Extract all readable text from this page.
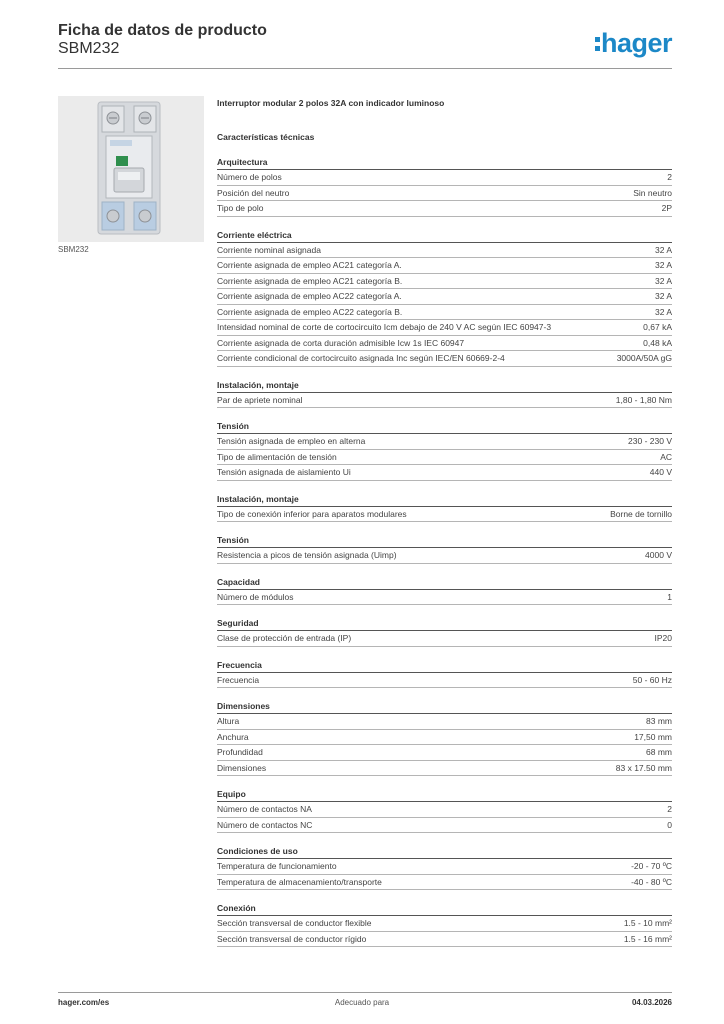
Ficha de datos de producto
SBM232	hager
SBM232
Interruptor modular 2 polos 32A con indicador luminoso
Características técnicas
Arquitectura
Número de polos	2
Posición del neutro	Sin neutro
Tipo de polo	2P
Corriente eléctrica
Corriente nominal asignada	32 A
Corriente asignada de empleo AC21 categoría A.	32 A
Corriente asignada de empleo AC21 categoría B.	32 A
Corriente asignada de empleo AC22 categoría A.	32 A
Corriente asignada de empleo AC22 categoría B.	32 A
Intensidad nominal de corte de cortocircuito Icm debajo de 240 V AC según IEC 60947-3	0,67 kA
Corriente asignada de corta duración admisible Icw 1s IEC 60947	0,48 kA
Corriente condicional de cortocircuito asignada Inc según IEC/EN 60669-2-4	3000A/50A gG
Instalación, montaje
Par de apriete nominal	1,80 - 1,80 Nm
Tensión
Tensión asignada de empleo en alterna	230 - 230 V
Tipo de alimentación de tensión	AC
Tensión asignada de aislamiento Ui	440 V
Instalación, montaje
Tipo de conexión inferior para aparatos modulares	Borne de tornillo
Tensión
Resistencia a picos de tensión asignada (Uimp)	4000 V
Capacidad
Número de módulos	1
Seguridad
Clase de protección de entrada (IP)	IP20
Frecuencia
Frecuencia	50 - 60 Hz
Dimensiones
Altura	83 mm
Anchura	17,50 mm
Profundidad	68 mm
Dimensiones	83 x 17.50 mm
Equipo
Número de contactos NA	2
Número de contactos NC	0
Condiciones de uso
Temperatura de funcionamiento	-20 - 70 ºC
Temperatura de almacenamiento/transporte	-40 - 80 ºC
Conexión
Sección transversal de conductor flexible	1.5 - 10 mm²
Sección transversal de conductor rígido	1.5 - 16 mm²
hager.com/es	Adecuado para	04.03.2026
